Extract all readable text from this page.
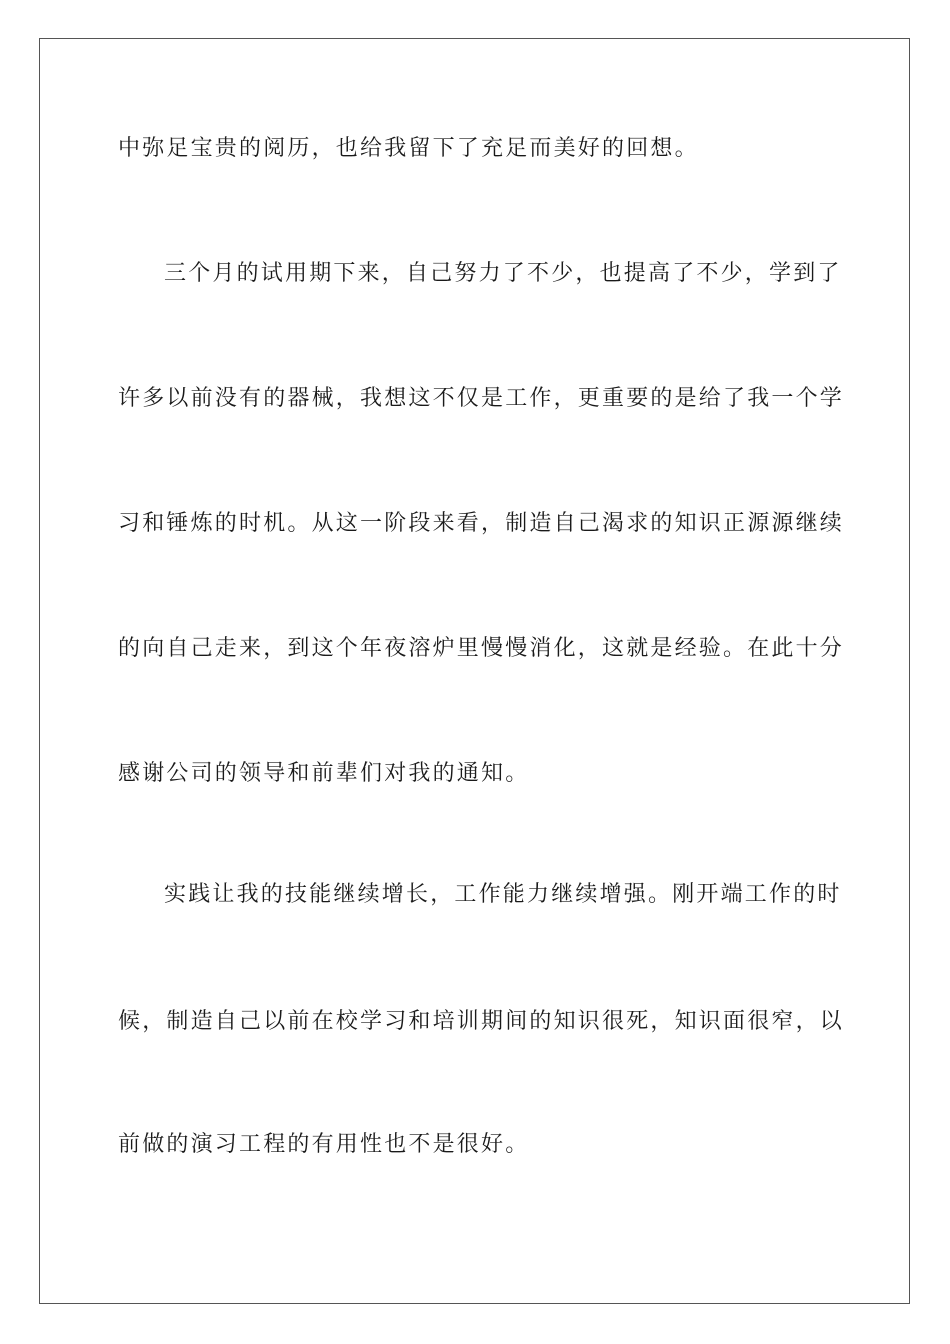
中弥足宝贵的阅历，也给我留下了充足而美好的回想。
三个月的试用期下来，自己努力了不少，也提高了不少，学到了
许多以前没有的器械，我想这不仅是工作，更重要的是给了我一个学
习和锤炼的时机。从这一阶段来看，制造自己渴求的知识正源源继续
的向自己走来，到这个年夜溶炉里慢慢消化，这就是经验。在此十分
感谢公司的领导和前辈们对我的通知。
实践让我的技能继续增长，工作能力继续增强。刚开端工作的时
候，制造自己以前在校学习和培训期间的知识很死，知识面很窄，以
前做的演习工程的有用性也不是很好。
